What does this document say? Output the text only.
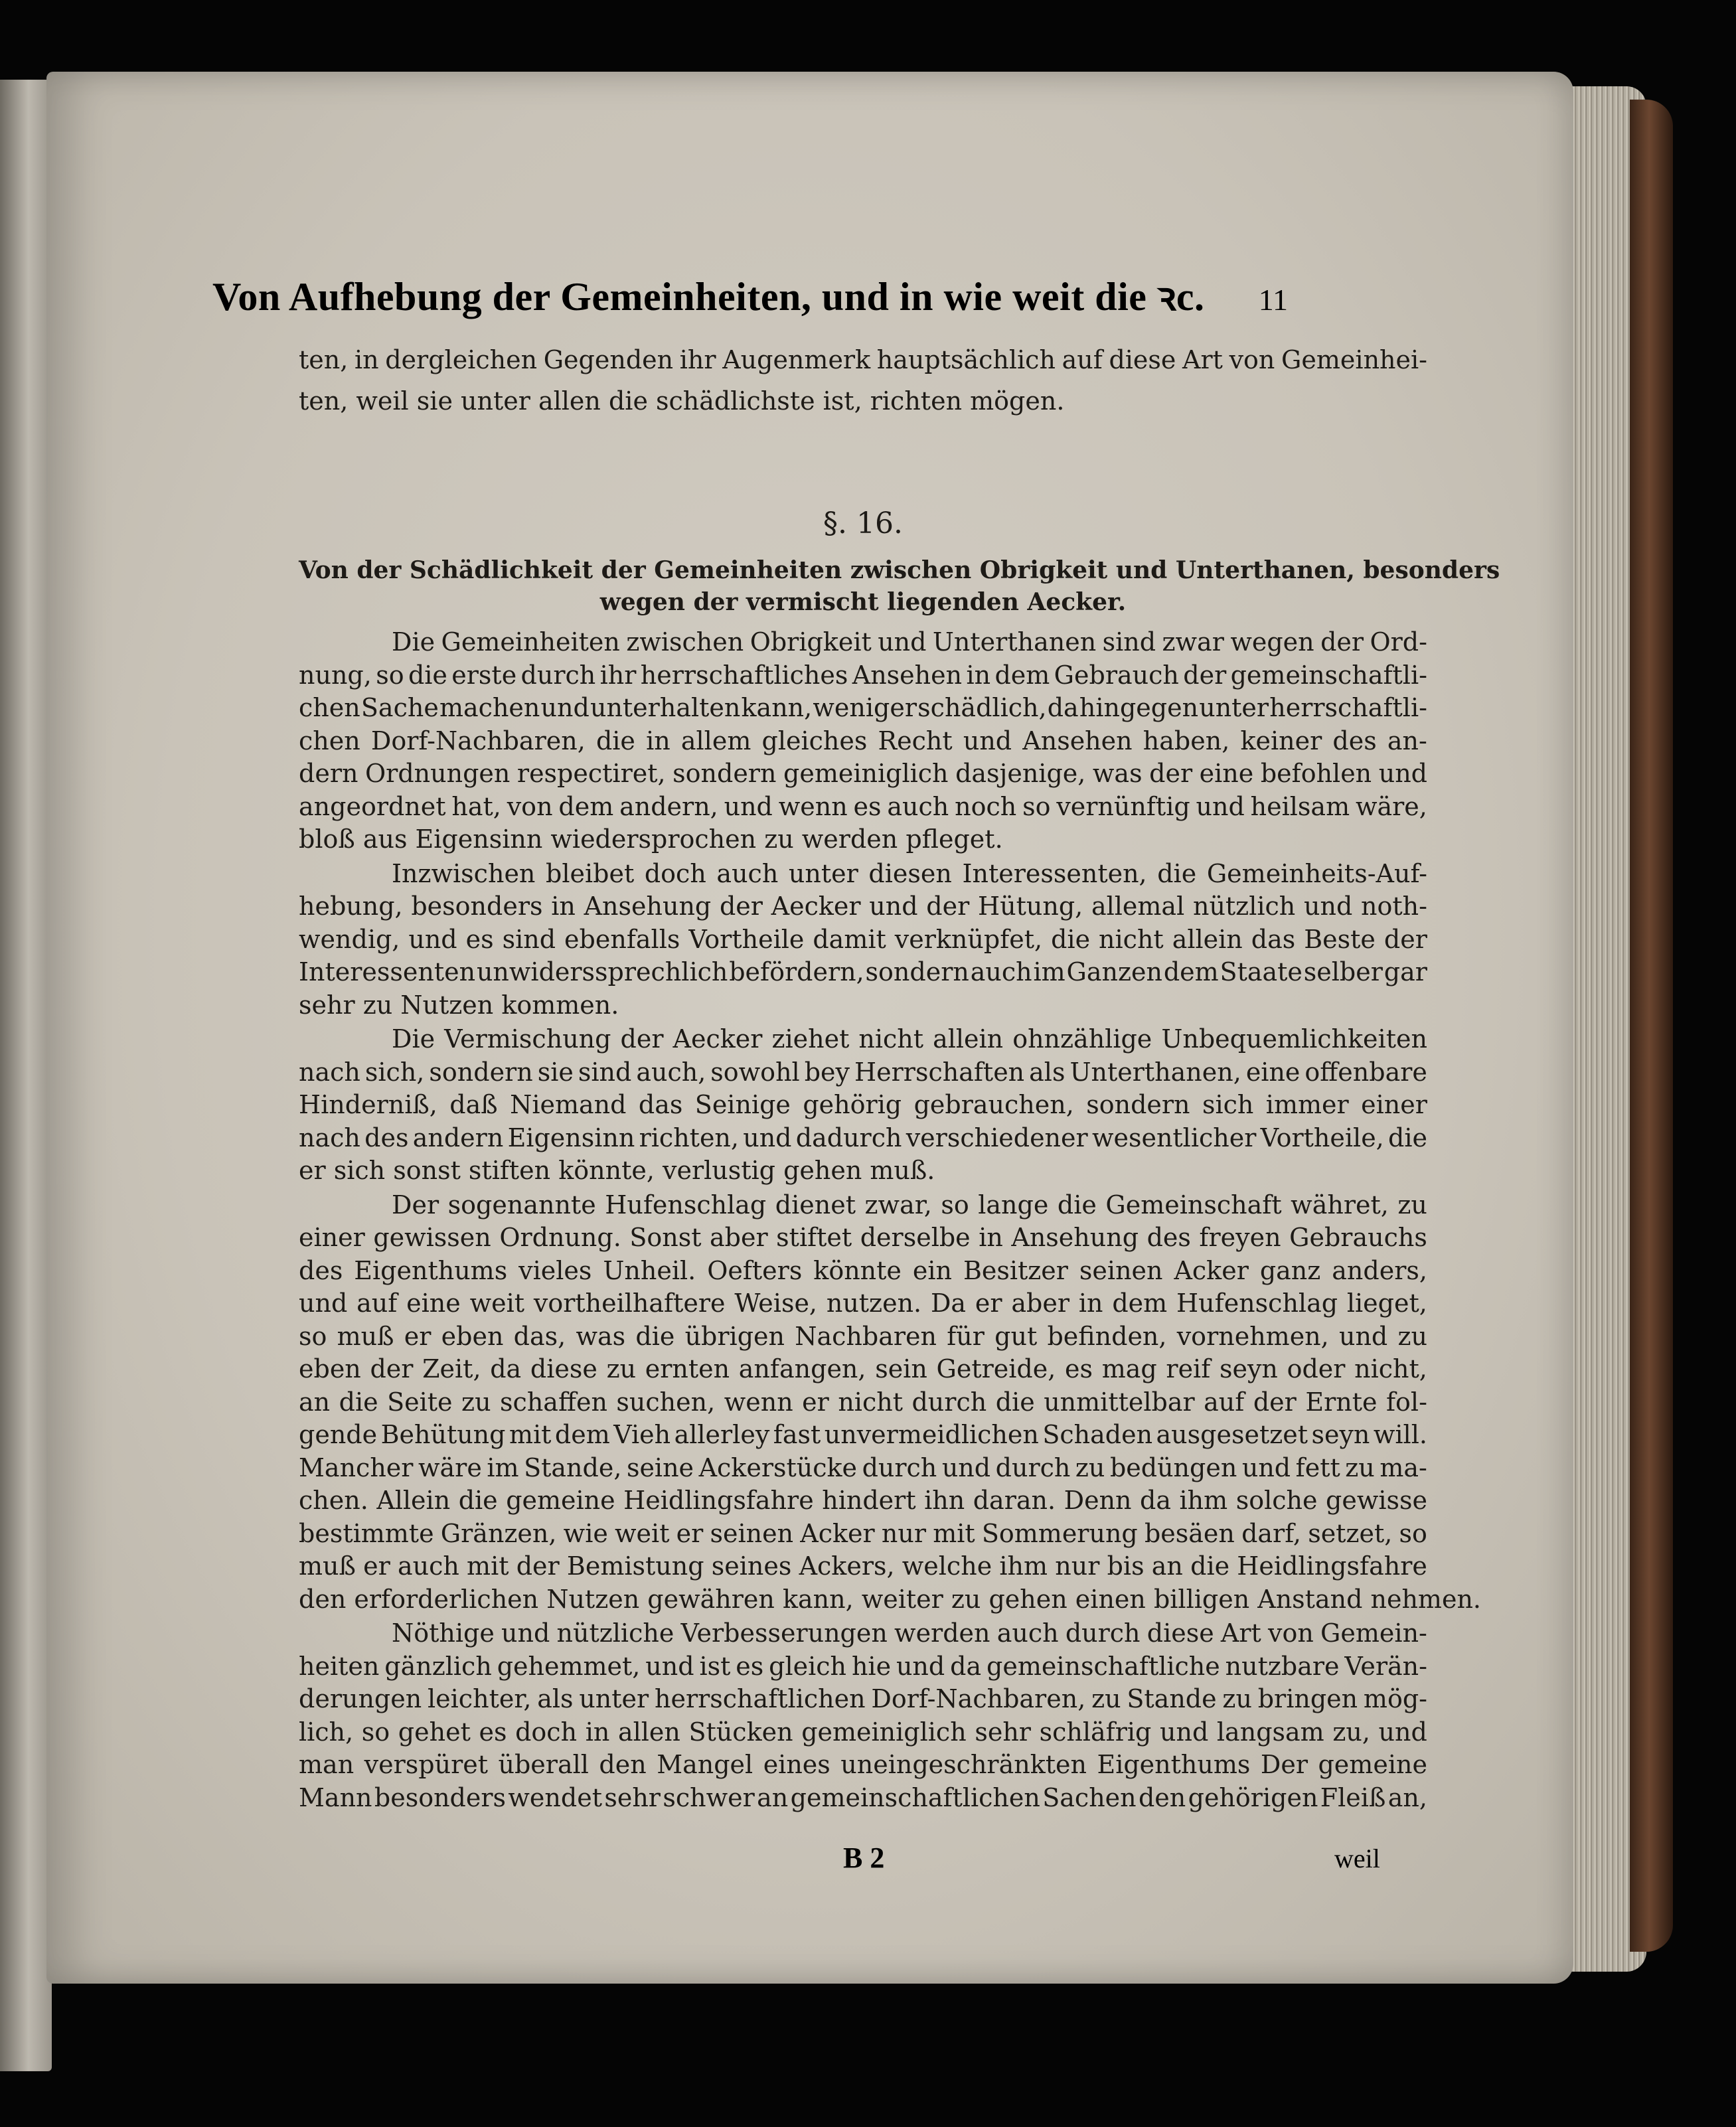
Von Aufhebung der Gemeinheiten, und in wie weit die ꝛc. 11
ten, in dergleichen Gegenden ihr Augenmerk hauptsächlich auf diese Art von Gemeinhei-
ten, weil sie unter allen die schädlichste ist, richten mögen.
§. 16.
Von der Schädlichkeit der Gemeinheiten zwischen Obrigkeit und Unterthanen, besonders
wegen der vermischt liegenden Aecker.
Die Gemeinheiten zwischen Obrigkeit und Unterthanen sind zwar wegen der Ord-
nung, so die erste durch ihr herrschaftliches Ansehen in dem Gebrauch der gemeinschaftli-
chen Sache machen und unterhalten kann, weniger schädlich, da hingegen unter herrschaftli-
chen Dorf-Nachbaren, die in allem gleiches Recht und Ansehen haben, keiner des an-
dern Ordnungen respectiret, sondern gemeiniglich dasjenige, was der eine befohlen und
angeordnet hat, von dem andern, und wenn es auch noch so vernünftig und heilsam wäre,
bloß aus Eigensinn wiedersprochen zu werden pfleget.
Inzwischen bleibet doch auch unter diesen Interessenten, die Gemeinheits-Auf-
hebung, besonders in Ansehung der Aecker und der Hütung, allemal nützlich und noth-
wendig, und es sind ebenfalls Vortheile damit verknüpfet, die nicht allein das Beste der
Interessenten unwiderssprechlich befördern, sondern auch im Ganzen dem Staate selber gar
sehr zu Nutzen kommen.
Die Vermischung der Aecker ziehet nicht allein ohnzählige Unbequemlichkeiten
nach sich, sondern sie sind auch, sowohl bey Herrschaften als Unterthanen, eine offenbare
Hinderniß, daß Niemand das Seinige gehörig gebrauchen, sondern sich immer einer
nach des andern Eigensinn richten, und dadurch verschiedener wesentlicher Vortheile, die
er sich sonst stiften könnte, verlustig gehen muß.
Der sogenannte Hufenschlag dienet zwar, so lange die Gemeinschaft währet, zu
einer gewissen Ordnung. Sonst aber stiftet derselbe in Ansehung des freyen Gebrauchs
des Eigenthums vieles Unheil. Oefters könnte ein Besitzer seinen Acker ganz anders,
und auf eine weit vortheilhaftere Weise, nutzen. Da er aber in dem Hufenschlag lieget,
so muß er eben das, was die übrigen Nachbaren für gut befinden, vornehmen, und zu
eben der Zeit, da diese zu ernten anfangen, sein Getreide, es mag reif seyn oder nicht,
an die Seite zu schaffen suchen, wenn er nicht durch die unmittelbar auf der Ernte fol-
gende Behütung mit dem Vieh allerley fast unvermeidlichen Schaden ausgesetzet seyn will.
Mancher wäre im Stande, seine Ackerstücke durch und durch zu bedüngen und fett zu ma-
chen. Allein die gemeine Heidlingsfahre hindert ihn daran. Denn da ihm solche gewisse
bestimmte Gränzen, wie weit er seinen Acker nur mit Sommerung besäen darf, setzet, so
muß er auch mit der Bemistung seines Ackers, welche ihm nur bis an die Heidlingsfahre
den erforderlichen Nutzen gewähren kann, weiter zu gehen einen billigen Anstand nehmen.
Nöthige und nützliche Verbesserungen werden auch durch diese Art von Gemein-
heiten gänzlich gehemmet, und ist es gleich hie und da gemeinschaftliche nutzbare Verän-
derungen leichter, als unter herrschaftlichen Dorf-Nachbaren, zu Stande zu bringen mög-
lich, so gehet es doch in allen Stücken gemeiniglich sehr schläfrig und langsam zu, und
man verspüret überall den Mangel eines uneingeschränkten Eigenthums Der gemeine
Mann besonders wendet sehr schwer an gemeinschaftlichen Sachen den gehörigen Fleiß an,
B 2	weil
